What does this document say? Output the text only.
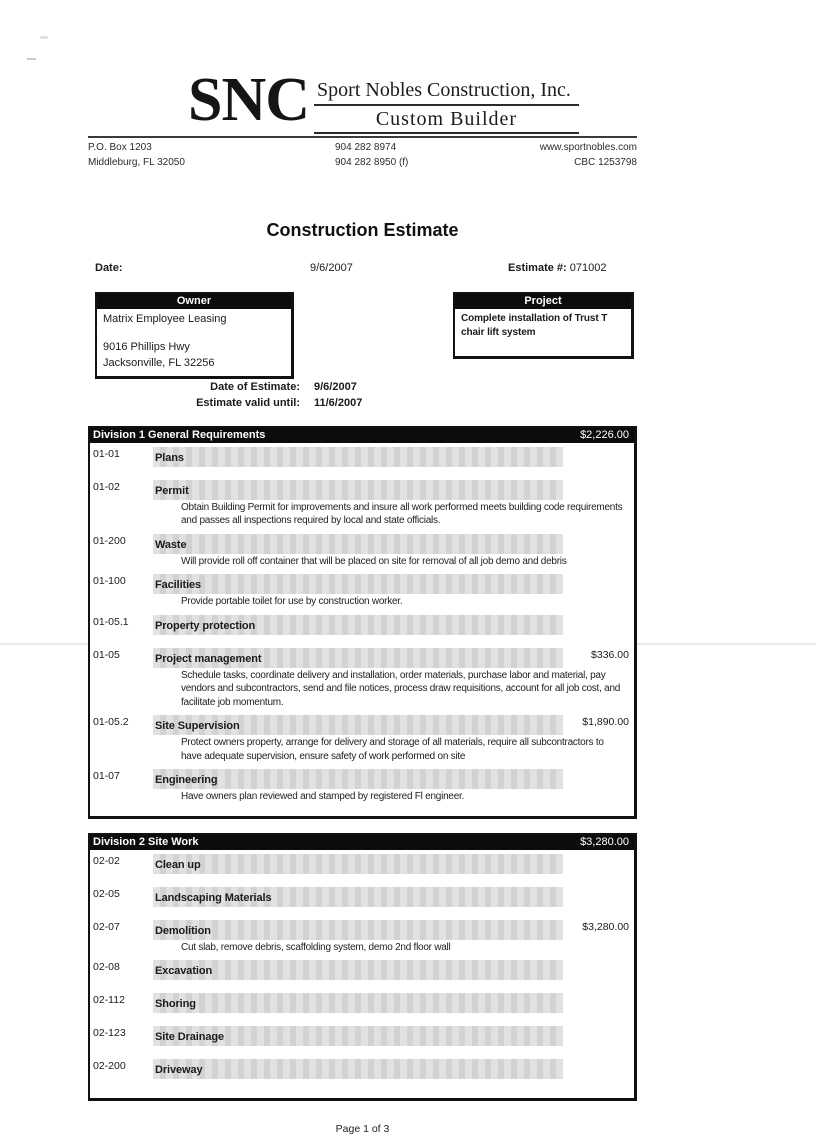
SNC Sport Nobles Construction, Inc.
Custom Builder
P.O. Box 1203
Middleburg, FL 32050
904 282 8974
904 282 8950 (f)
www.sportnobles.com
CBC 1253798
Construction Estimate
Date:	9/6/2007	Estimate #: 071002
Owner
Matrix Employee Leasing
9016 Phillips Hwy
Jacksonville, FL 32256
Project
Complete installation of Trust T chair lift system
Date of Estimate: 9/6/2007
Estimate valid until: 11/6/2007
Division 1 General Requirements	$2,226.00
01-01	Plans
01-02	Permit
Obtain Building Permit for improvements and insure all work performed meets building code requirements and passes all inspections required by local and state officials.
01-200	Waste
Will provide roll off container that will be placed on site for removal of all job demo and debris
01-100	Facilities
Provide portable toilet for use by construction worker.
01-05.1	Property protection
01-05	Project management	$336.00
Schedule tasks, coordinate delivery and installation, order materials, purchase labor and material, pay vendors and subcontractors, send and file notices, process draw requisitions, account for all job cost, and facilitate job momentum.
01-05.2	Site Supervision	$1,890.00
Protect owners property, arrange for delivery and storage of all materials, require all subcontractors to have adequate supervision, ensure safety of work performed on site
01-07	Engineering
Have owners plan reviewed and stamped by registered Fl engineer.
Division 2 Site Work	$3,280.00
02-02	Clean up
02-05	Landscaping Materials
02-07	Demolition	$3,280.00
Cut slab, remove debris, scaffolding system, demo 2nd floor wall
02-08	Excavation
02-112	Shoring
02-123	Site Drainage
02-200	Driveway
Page 1 of 3
